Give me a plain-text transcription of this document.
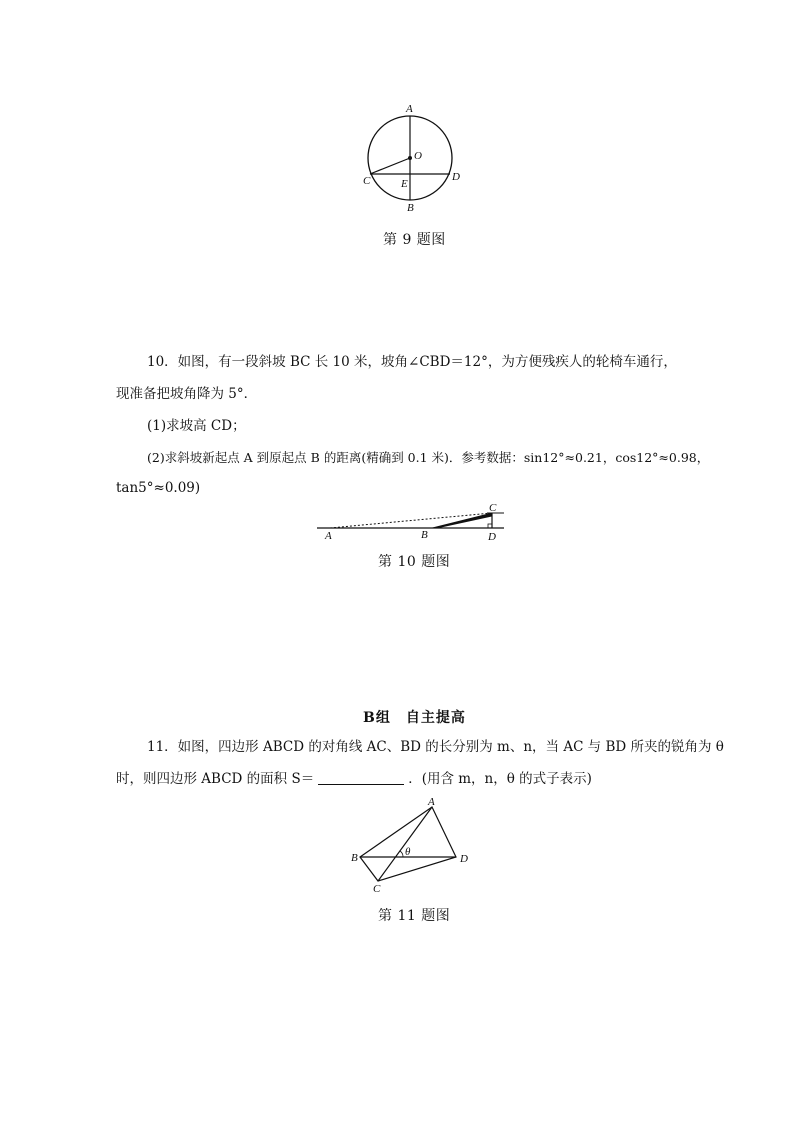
A
O
C	E
D
B
第 9 题图
10．如图，有一段斜坡 BC 长 10 米，坡角∠CBD＝12°，为方便残疾人的轮椅车通行，
现准备把坡角降为 5°．
(1)求坡高 CD；
(2)求斜坡新起点 A 到原起点 B 的距离(精确到 0.1 米)．参考数据：sin12°≈0.21，cos12°≈0.98，
tan5°≈0.09)
A	B
C
D
第 10 题图
B组　自主提高
11．如图，四边形 ABCD 的对角线 AC、BD 的长分别为 m、n，当 AC 与 BD 所夹的锐角为 θ
时，则四边形 ABCD 的面积 S＝	．(用含 m，n，θ 的式子表示)
A
B
C
D
θ
第 11 题图
